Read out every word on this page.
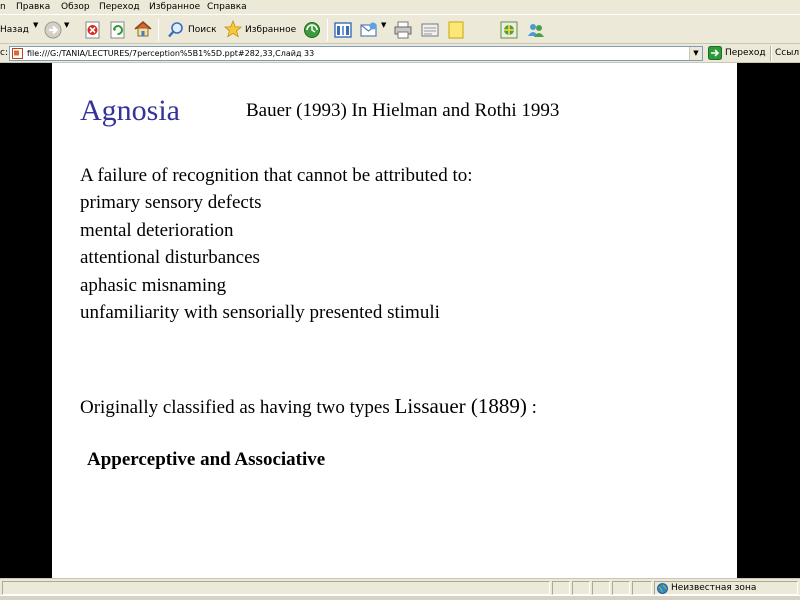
n Правка Обзор Переход Избранное Справка
Назад ▼	▼	Поиск	Избранное	▼
c: file:///G:/TANIA/LECTURES/7perception%5B1%5D.ppt#282,33,Слайд 33	▼	Переход Ссыл
Agnosia	Bauer (1993) In Hielman and Rothi 1993
A failure of recognition that cannot be attributed to:
primary sensory defects
mental deterioration
attentional disturbances
aphasic misnaming
unfamiliarity with sensorially presented stimuli
Originally classified as having two types Lissauer (1889) :
Apperceptive and Associative
Неизвестная зона
